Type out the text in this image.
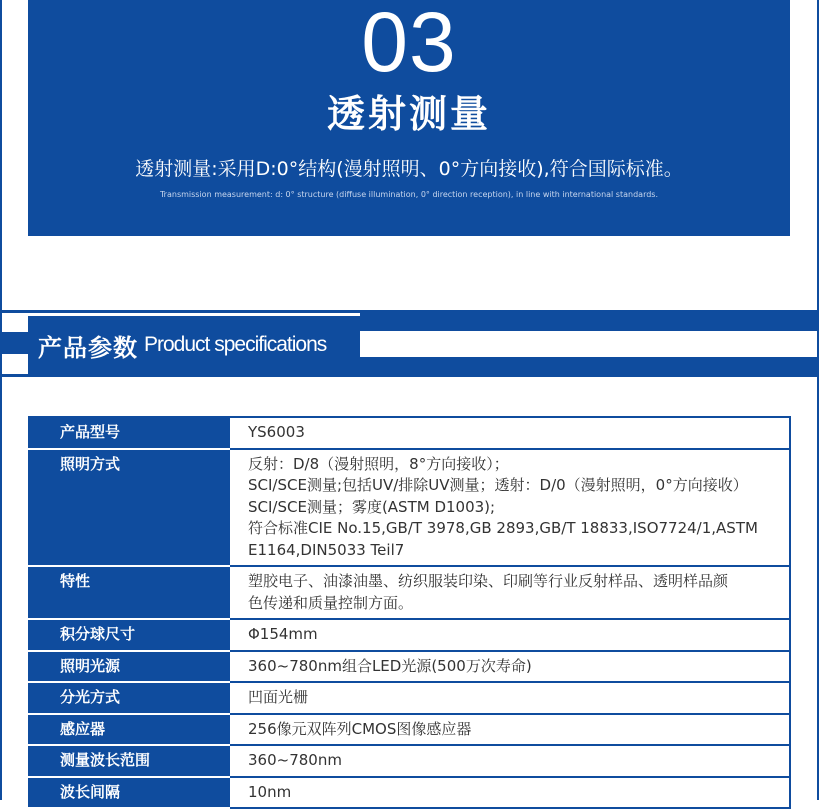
03
透射测量
透射测量:采用D:0°结构(漫射照明、0°方向接收),符合国际标准。
Transmission measurement: d: 0° structure (diffuse illumination, 0° direction reception), in line with international standards.
产品参数 Product specifications
产品型号	YS6003

照明方式	反射：D/8（漫射照明，8°方向接收）；
SCI/SCE测量;包括UV/排除UV测量；透射：D/0（漫射照明，0°方向接收）
SCI/SCE测量；雾度(ASTM D1003);
符合标准CIE No.15,GB/T 3978,GB 2893,GB/T 18833,ISO7724/1,ASTM
E1164,DIN5033 Teil7

特性	塑胶电子、油漆油墨、纺织服装印染、印刷等行业反射样品、透明样品颜
色传递和质量控制方面。

积分球尺寸	Φ154mm

照明光源	360~780nm组合LED光源(500万次寿命)

分光方式	凹面光栅

感应器	256像元双阵列CMOS图像感应器

测量波长范围	360~780nm

波长间隔	10nm
